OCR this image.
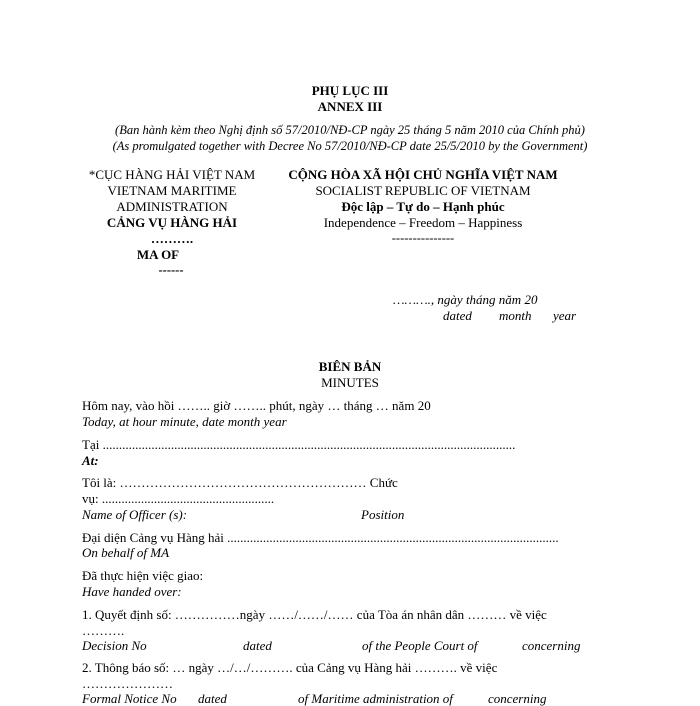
PHỤ LỤC III
ANNEX III
(Ban hành kèm theo Nghị định số 57/2010/NĐ-CP ngày 25 tháng 5 năm 2010 của Chính phủ)
(As promulgated together with Decree No 57/2010/NĐ-CP date 25/5/2010 by the Government)
*CỤC HÀNG HẢI VIỆT NAM
VIETNAM MARITIME
ADMINISTRATION
CẢNG VỤ HÀNG HẢI
……….
MA OF
------
CỘNG HÒA XÃ HỘI CHỦ NGHĨA VIỆT NAM
SOCIALIST REPUBLIC OF VIETNAM
Độc lập – Tự do – Hạnh phúc
Independence – Freedom – Happiness
---------------
………., ngày tháng năm 20
dated month year
BIÊN BẢN
MINUTES
Hôm nay, vào hồi …….. giờ …….. phút, ngày … tháng … năm 20
Today, at hour minute, date month year
Tại ...............................................................................................................................
At:
Tôi là: ………………………………………………… Chức
vụ: .....................................................
Name of Officer (s):	Position
Đại diện Cảng vụ Hàng hải ......................................................................................................
On behalf of MA
Đã thực hiện việc giao:
Have handed over:
1. Quyết định số: ……………ngày ……/……/…… của Tòa án nhân dân ……… về việc
……….
Decision No	dated	of the People Court of	concerning
2. Thông báo số: … ngày …/…/………. của Cảng vụ Hàng hải ………. về việc
…………………
Formal Notice No dated	of Maritime administration of	concerning
